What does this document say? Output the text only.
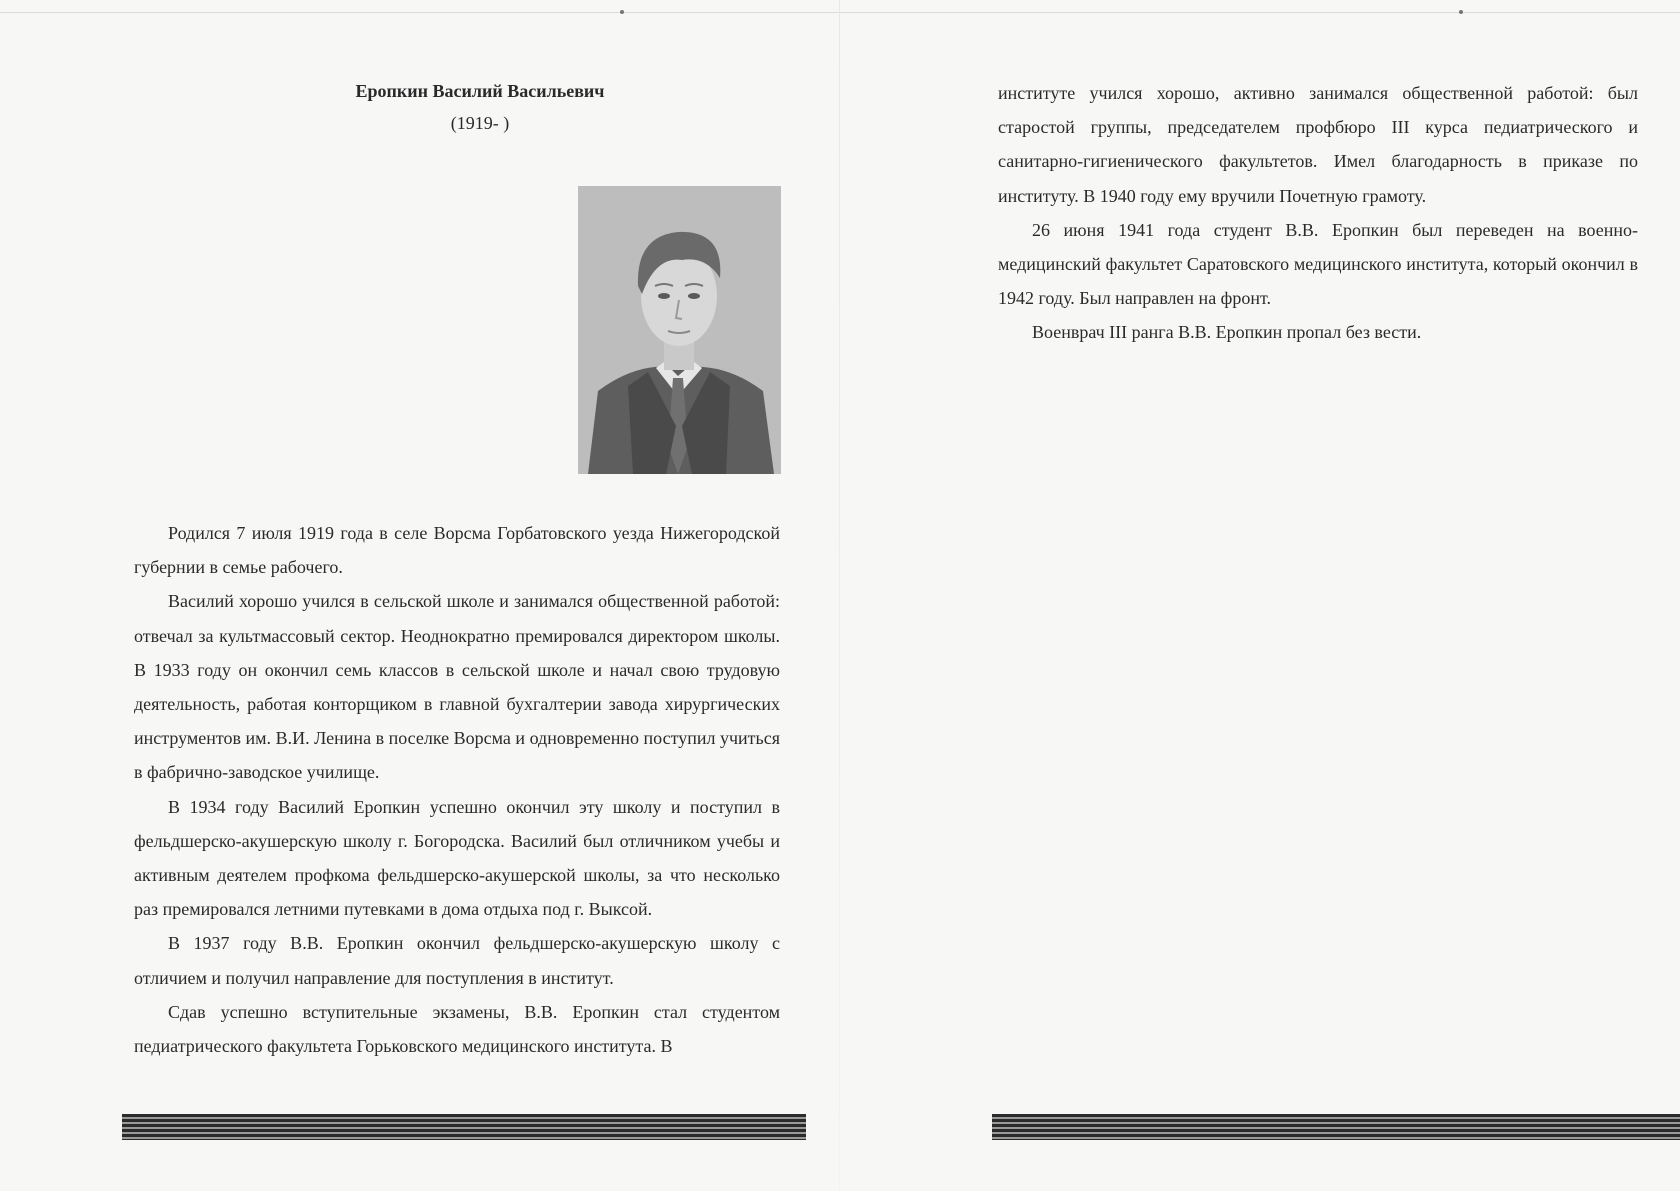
Еропкин Василий Васильевич
(1919- )

Родился 7 июля 1919 года в селе Ворсма Горбатовского уезда Нижегородской губернии в семье рабочего.

Василий хорошо учился в сельской школе и занимался общественной работой: отвечал за культмассовый сектор. Неоднократно премировался директором школы. В 1933 году он окончил семь классов в сельской школе и начал свою трудовую деятельность, работая конторщиком в главной бухгалтерии завода хирургических инструментов им. В.И. Ленина в поселке Ворсма и одновременно поступил учиться в фабрично-заводское училище.

В 1934 году Василий Еропкин успешно окончил эту школу и поступил в фельдшерско-акушерскую школу г. Богородска. Василий был отличником учебы и активным деятелем профкома фельдшерско-акушерской школы, за что несколько раз премировался летними путевками в дома отдыха под г. Выксой.

В 1937 году В.В. Еропкин окончил фельдшерско-акушерскую школу с отличием и получил направление для поступления в институт.

Сдав успешно вступительные экзамены, В.В. Еропкин стал студентом педиатрического факультета Горьковского медицинского института. В

институте учился хорошо, активно занимался общественной работой: был старостой группы, председателем профбюро III курса педиатрического и санитарно-гигиенического факультетов. Имел благодарность в приказе по институту. В 1940 году ему вручили Почетную грамоту.

26 июня 1941 года студент В.В. Еропкин был переведен на военно-медицинский факультет Саратовского медицинского института, который окончил в 1942 году. Был направлен на фронт.

Военврач III ранга В.В. Еропкин пропал без вести.
